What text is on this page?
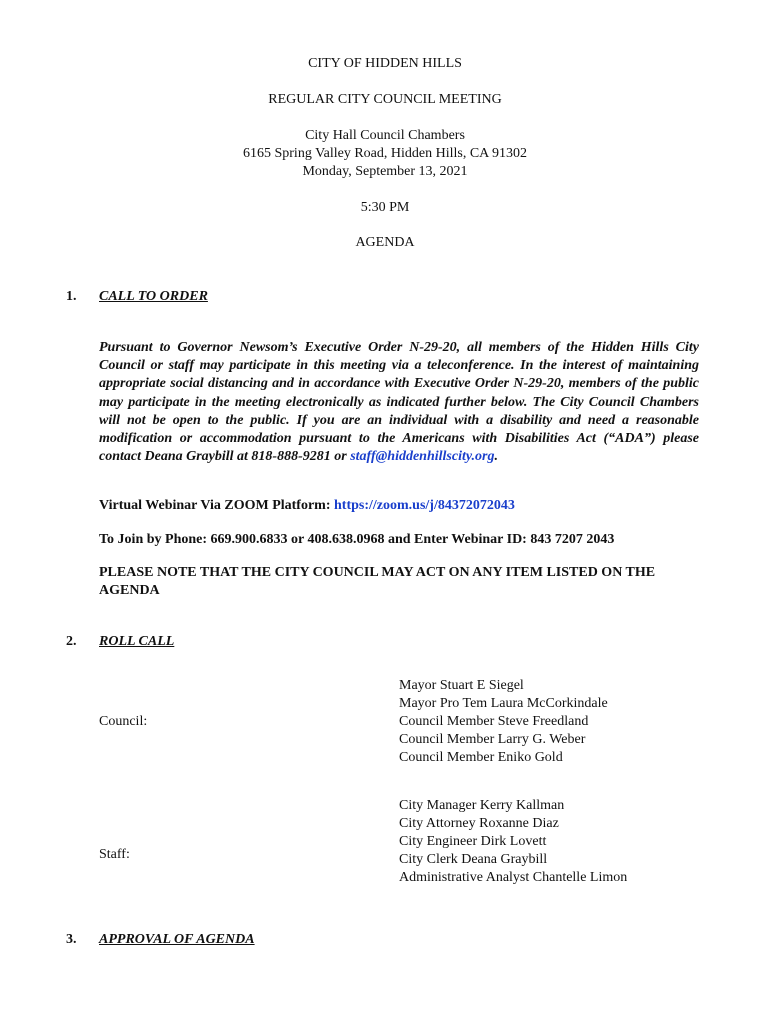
CITY OF HIDDEN HILLS
REGULAR CITY COUNCIL MEETING
City Hall Council Chambers
6165 Spring Valley Road, Hidden Hills, CA 91302
Monday, September 13, 2021
5:30 PM
AGENDA
1. CALL TO ORDER
Pursuant to Governor Newsom’s Executive Order N-29-20, all members of the Hidden Hills City Council or staff may participate in this meeting via a teleconference. In the interest of maintaining appropriate social distancing and in accordance with Executive Order N-29-20, members of the public may participate in the meeting electronically as indicated further below. The City Council Chambers will not be open to the public. If you are an individual with a disability and need a reasonable modification or accommodation pursuant to the Americans with Disabilities Act (“ADA”) please contact Deana Graybill at 818-888-9281 or staff@hiddenhillscity.org.
Virtual Webinar Via ZOOM Platform: https://zoom.us/j/84372072043
To Join by Phone: 669.900.6833 or 408.638.0968 and Enter Webinar ID: 843 7207 2043
PLEASE NOTE THAT THE CITY COUNCIL MAY ACT ON ANY ITEM LISTED ON THE AGENDA
2. ROLL CALL
Council:
Mayor Stuart E Siegel
Mayor Pro Tem Laura McCorkindale
Council Member Steve Freedland
Council Member Larry G. Weber
Council Member Eniko Gold
Staff:
City Manager Kerry Kallman
City Attorney Roxanne Diaz
City Engineer Dirk Lovett
City Clerk Deana Graybill
Administrative Analyst Chantelle Limon
3. APPROVAL OF AGENDA
